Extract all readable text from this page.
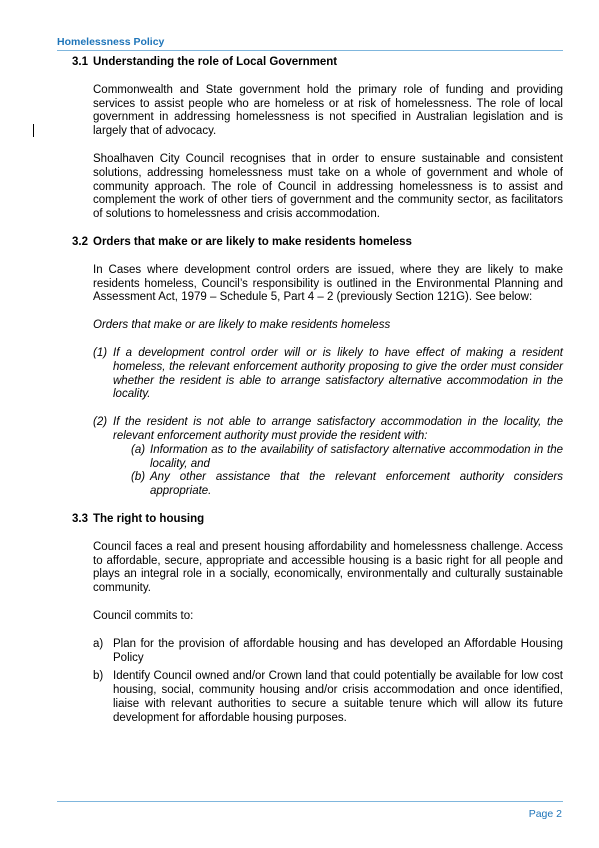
Homelessness Policy
3.1 Understanding the role of Local Government

Commonwealth and State government hold the primary role of funding and providing services to assist people who are homeless or at risk of homelessness. The role of local government in addressing homelessness is not specified in Australian legislation and is largely that of advocacy.

Shoalhaven City Council recognises that in order to ensure sustainable and consistent solutions, addressing homelessness must take on a whole of government and whole of community approach. The role of Council in addressing homelessness is to assist and complement the work of other tiers of government and the community sector, as facilitators of solutions to homelessness and crisis accommodation.

3.2 Orders that make or are likely to make residents homeless

In Cases where development control orders are issued, where they are likely to make residents homeless, Council’s responsibility is outlined in the Environmental Planning and Assessment Act, 1979 – Schedule 5, Part 4 – 2 (previously Section 121G). See below:

Orders that make or are likely to make residents homeless

(1) If a development control order will or is likely to have effect of making a resident homeless, the relevant enforcement authority proposing to give the order must consider whether the resident is able to arrange satisfactory alternative accommodation in the locality.
(2) If the resident is not able to arrange satisfactory accommodation in the locality, the relevant enforcement authority must provide the resident with:
(a) Information as to the availability of satisfactory alternative accommodation in the locality, and
(b) Any other assistance that the relevant enforcement authority considers appropriate.
3.3 The right to housing

Council faces a real and present housing affordability and homelessness challenge. Access to affordable, secure, appropriate and accessible housing is a basic right for all people and plays an integral role in a socially, economically, environmentally and culturally sustainable community.

Council commits to:

a) Plan for the provision of affordable housing and has developed an Affordable Housing Policy
b) Identify Council owned and/or Crown land that could potentially be available for low cost housing, social, community housing and/or crisis accommodation and once identified, liaise with relevant authorities to secure a suitable tenure which will allow its future development for affordable housing purposes.
Page 2
